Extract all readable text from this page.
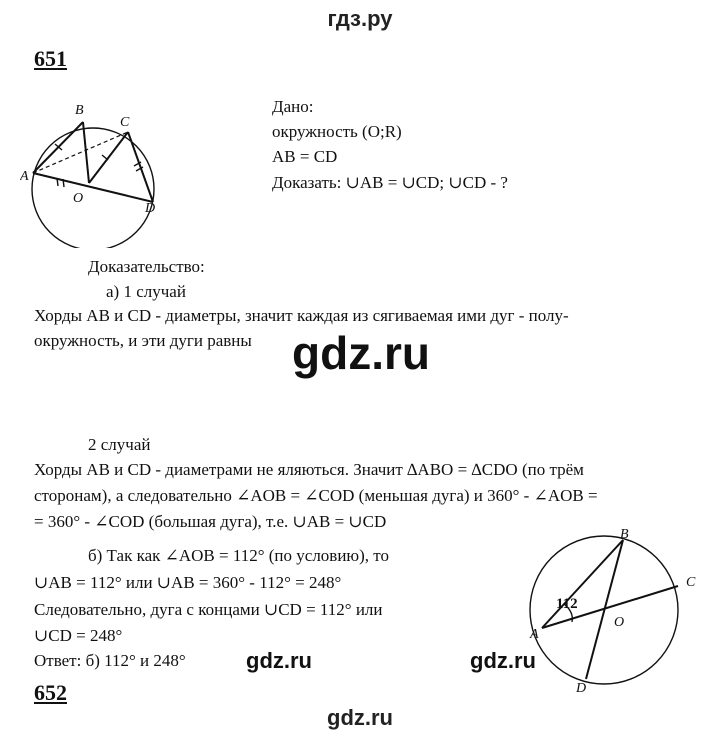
гдз.ру
651
A
B
C
D
O
Дано:
окружность (O;R)
AB = CD
Доказать: ∪AB = ∪CD; ∪CD - ?
Доказательство:
а) 1 случай
Хорды AB и CD - диаметры, значит каждая из сягиваемая ими дуг - полу-
окружность, и эти дуги равны gdz.ru
2 случай
Хорды AB и CD - диаметрами не яляються. Значит ∆ABO = ∆CDO (по трём
сторонам), а следовательно ∠AOB = ∠COD (меньшая дуга) и 360° - ∠AOB =
= 360° - ∠COD (большая дуга), т.е. ∪AB = ∪CD
б) Так как ∠AOB = 112° (по условию), то
∪AB = 112° или ∪AB = 360° - 112° = 248°
Следовательно, дуга с концами ∪CD = 112° или
∪CD = 248°
Ответ: б) 112° и 248°	gdz.ru	gdz.ru
112
A
B
C
D
O
652
gdz.ru
